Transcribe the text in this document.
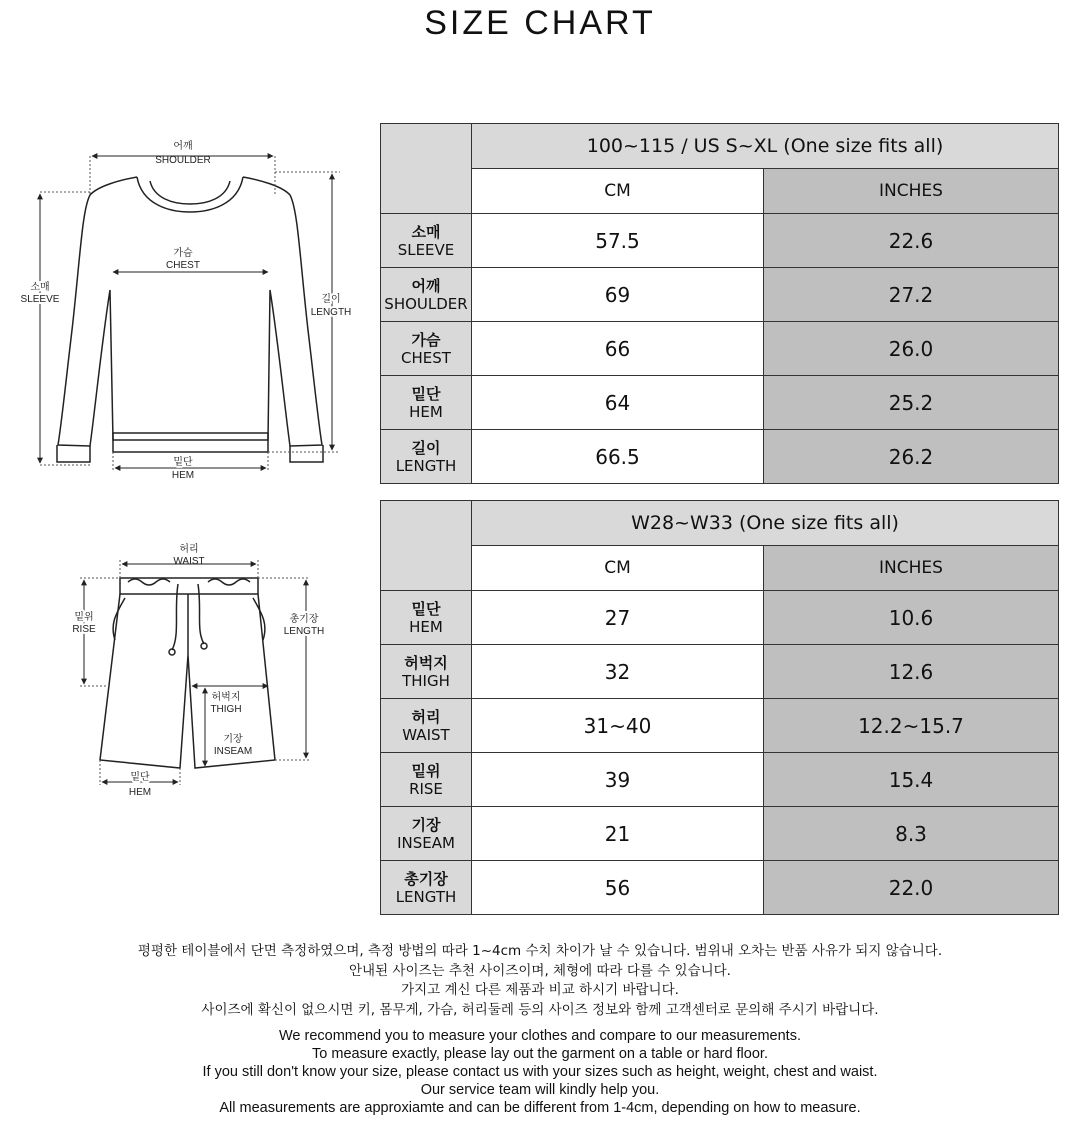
SIZE CHART
어깨
SHOULDER
가슴
CHEST
소매
SLEEVE	길이
LENGTH
밑단
HEM
허리
WAIST
밑위
RISE
총기장
LENGTH
허벅지
THIGH
기장
INSEAM
밑단
HEM
	100~115 / US S~XL (One size fits all)	
	CM	INCHES

소매
SLEEVE	57.5	22.6

어깨
SHOULDER	69	27.2

가슴
CHEST	66	26.0

밑단
HEM	64	25.2

길이
LENGTH	66.5	26.2
	W28~W33 (One size fits all)	
	CM	INCHES

밑단
HEM	27	10.6

허벅지
THIGH	32	12.6

허리
WAIST	31~40	12.2~15.7

밑위
RISE	39	15.4

기장
INSEAM	21	8.3

총기장
LENGTH	56	22.0
평평한 테이블에서 단면 측정하였으며, 측정 방법의 따라 1~4cm 수치 차이가 날 수 있습니다. 범위내 오차는 반품 사유가 되지 않습니다.
안내된 사이즈는 추천 사이즈이며, 체형에 따라 다를 수 있습니다.
가지고 계신 다른 제품과 비교 하시기 바랍니다.
사이즈에 확신이 없으시면 키, 몸무게, 가슴, 허리둘레 등의 사이즈 정보와 함께 고객센터로 문의해 주시기 바랍니다.
We recommend you to measure your clothes and compare to our measurements.
To measure exactly, please lay out the garment on a table or hard floor.
If you still don't know your size, please contact us with your sizes such as height, weight, chest and waist.
Our service team will kindly help you.
All measurements are approxiamte and can be different from 1-4cm, depending on how to measure.
